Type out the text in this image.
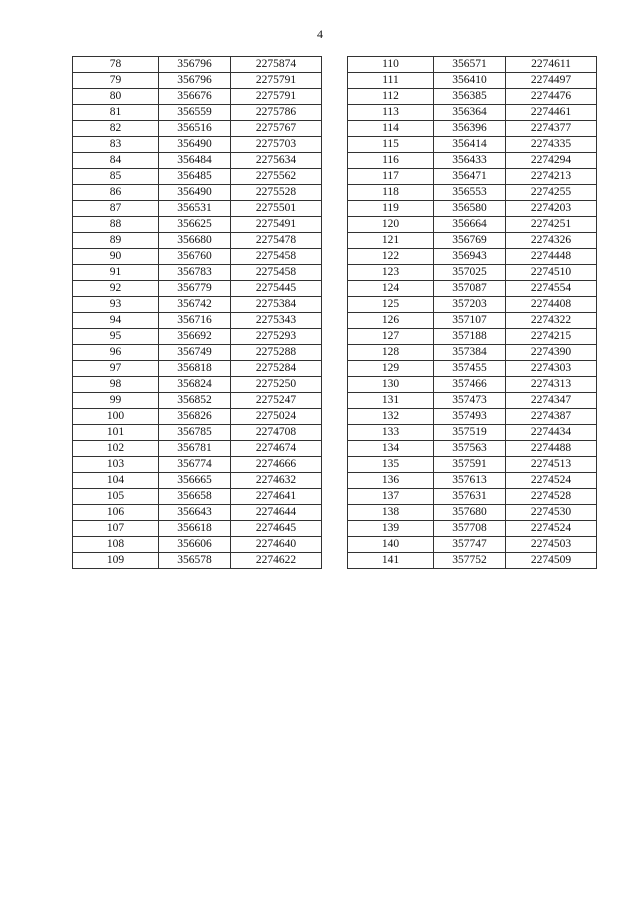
4
78	356796	2275874
79	356796	2275791
80	356676	2275791
81	356559	2275786
82	356516	2275767
83	356490	2275703
84	356484	2275634
85	356485	2275562
86	356490	2275528
87	356531	2275501
88	356625	2275491
89	356680	2275478
90	356760	2275458
91	356783	2275458
92	356779	2275445
93	356742	2275384
94	356716	2275343
95	356692	2275293
96	356749	2275288
97	356818	2275284
98	356824	2275250
99	356852	2275247
100	356826	2275024
101	356785	2274708
102	356781	2274674
103	356774	2274666
104	356665	2274632
105	356658	2274641
106	356643	2274644
107	356618	2274645
108	356606	2274640
109	356578	2274622
110	356571	2274611
111	356410	2274497
112	356385	2274476
113	356364	2274461
114	356396	2274377
115	356414	2274335
116	356433	2274294
117	356471	2274213
118	356553	2274255
119	356580	2274203
120	356664	2274251
121	356769	2274326
122	356943	2274448
123	357025	2274510
124	357087	2274554
125	357203	2274408
126	357107	2274322
127	357188	2274215
128	357384	2274390
129	357455	2274303
130	357466	2274313
131	357473	2274347
132	357493	2274387
133	357519	2274434
134	357563	2274488
135	357591	2274513
136	357613	2274524
137	357631	2274528
138	357680	2274530
139	357708	2274524
140	357747	2274503
141	357752	2274509
